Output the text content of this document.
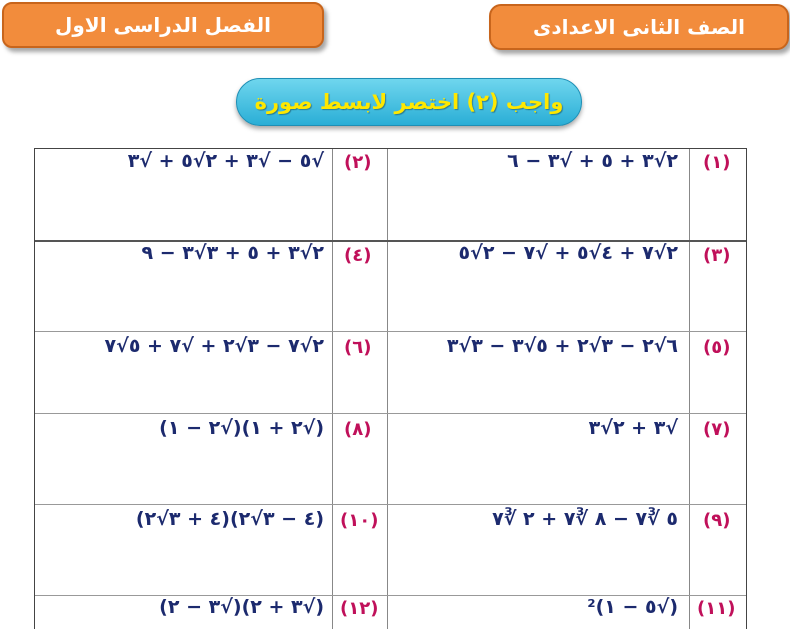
الصف الثانى الاعدادى
الفصل الدراسى الاول
واجب (٢) اختصر لابسط صورة
(١)
٢√٣ + ٥ + √٣ − ٦
(٢)
√٥ − √٣ + ٢√٥ + √٣
(٣)
٢√٧ + ٤√٥ + √٧ − ٢√٥
(٤)
٢√٣ + ٥ + ٣√٣ − ٩
(٥)
٦√٢ − ٣√٢ + ٥√٣ − ٣√٣
(٦)
٢√٧ − ٣√٢ + √٧ + ٥√٧
(٧)
√٣ + ٢√٣
(٨)
(√٢ + ١)(√٢ − ١)
(٩)
٥ ∛٧ − ٨ ∛٧ + ٢ ∛٧
(١٠)
(٤ − ٣√٢)(٤ + ٣√٢)
(١١)
(√٥ − ١)²
(١٢)
(√٣ + ٢)(√٣ − ٢)
